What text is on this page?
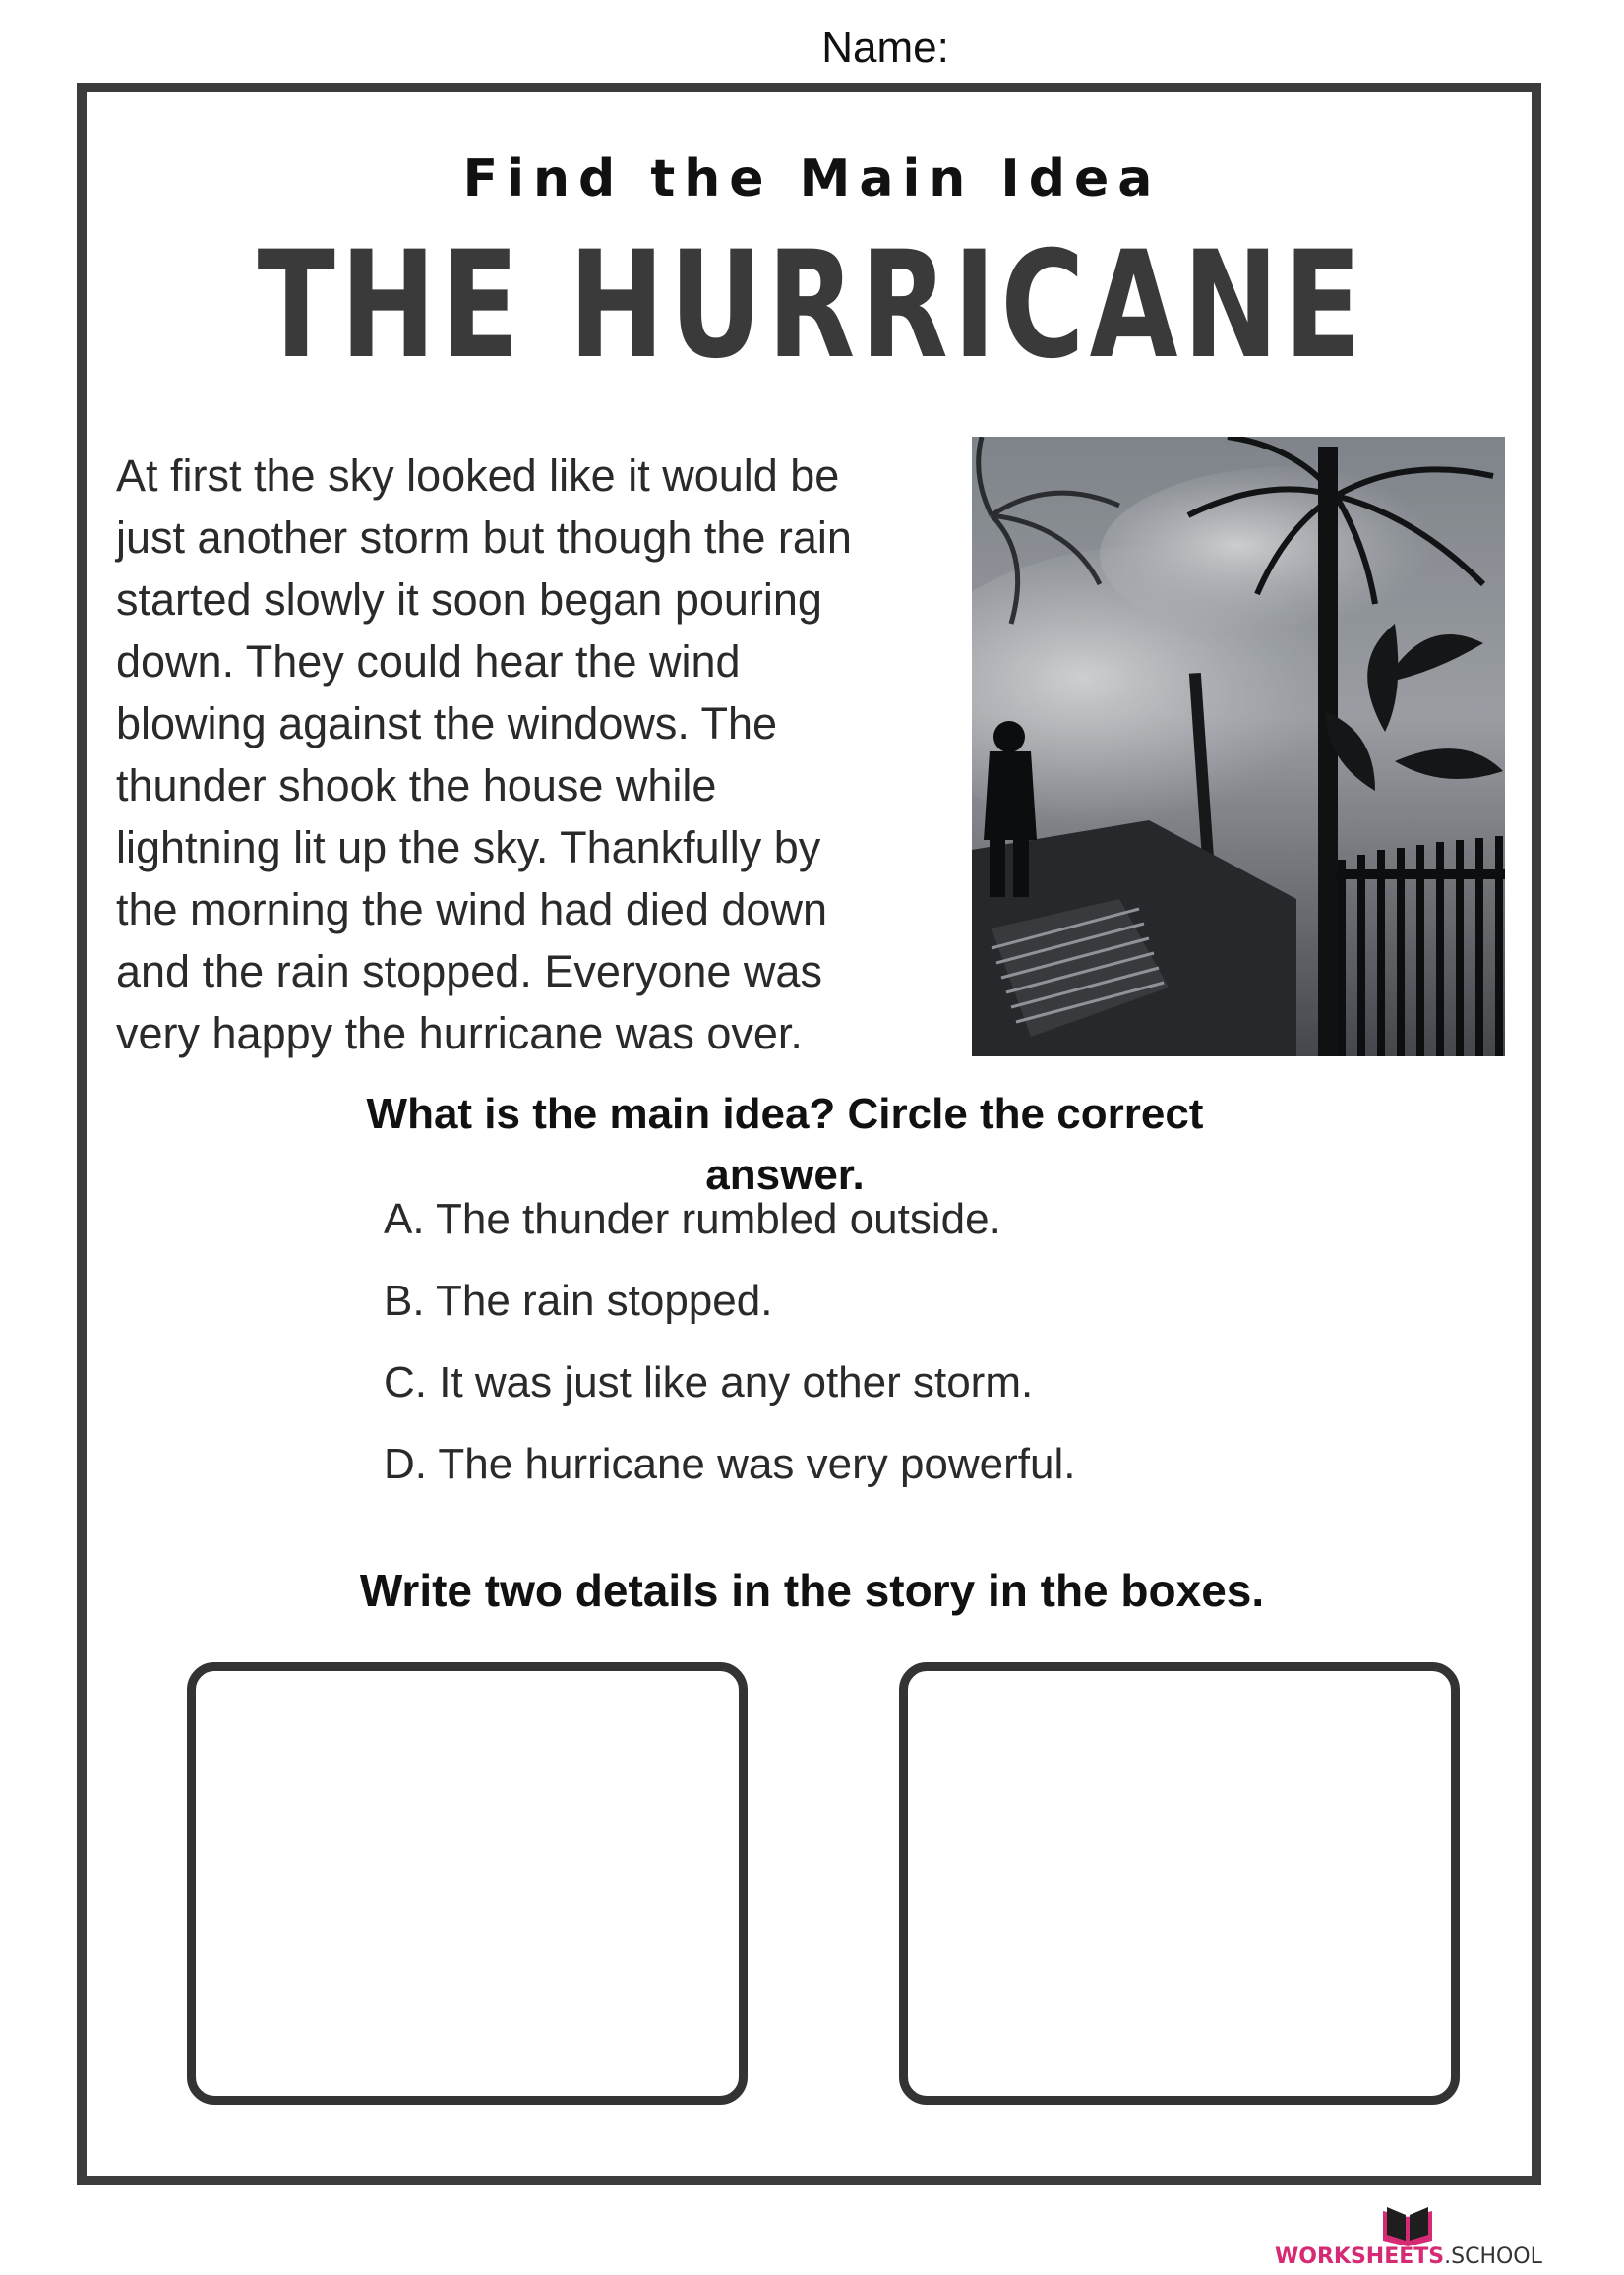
Name:
Find the Main Idea
THE HURRICANE
At first the sky looked like it would be
just another storm but though the rain
started slowly it soon began pouring
down. They could hear the wind
blowing against the windows. The
thunder shook the house while
lightning lit up the sky. Thankfully by
the morning the wind had died down
and the rain stopped. Everyone was
very happy the hurricane was over.
What is the main idea? Circle the correct answer.
A. The thunder rumbled outside.
B. The rain stopped.
C. It was just like any other storm.
D. The hurricane was very powerful.
Write two details in the story in the boxes.
WORKSHEETS.SCHOOL
